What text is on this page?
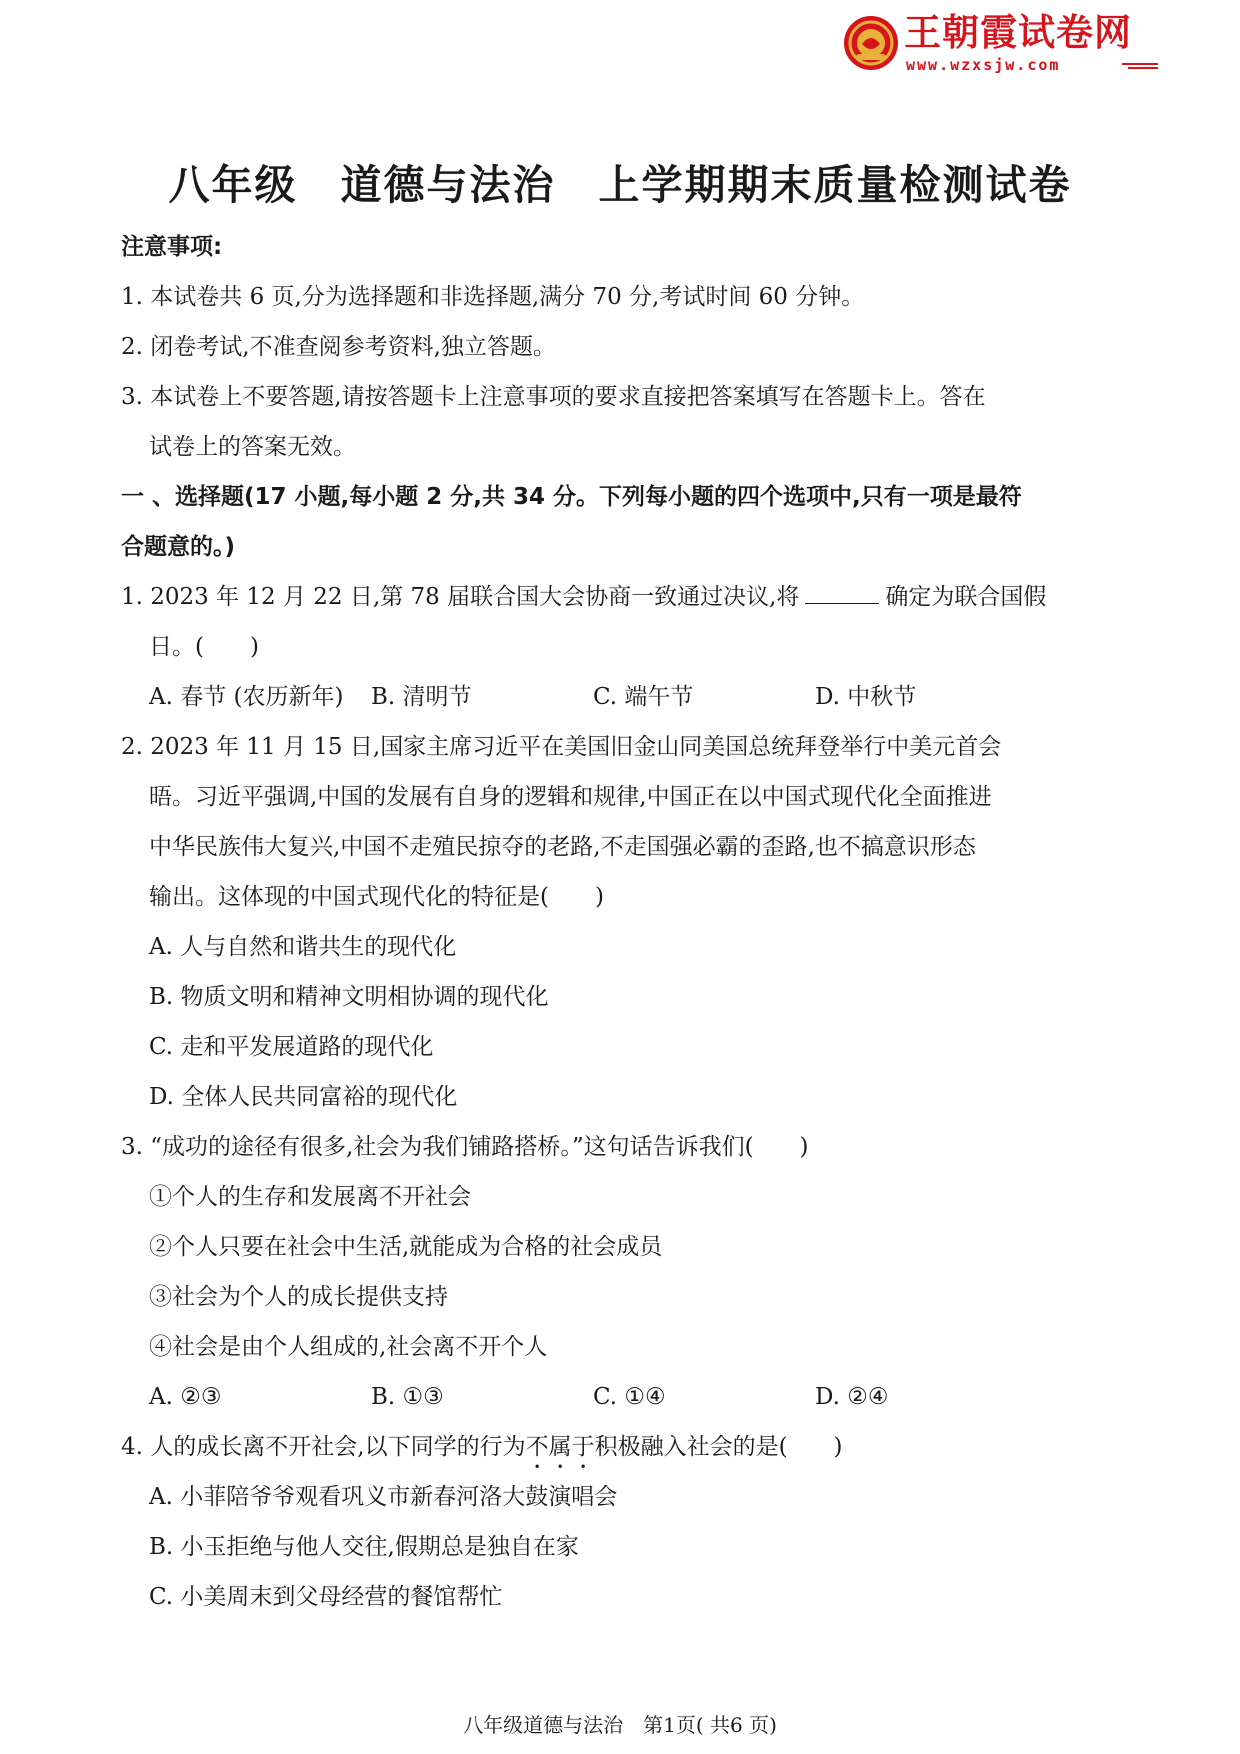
王朝霞试卷网
www.wzxsjw.com
八年级　道德与法治　上学期期末质量检测试卷
注意事项:
1. 本试卷共 6 页,分为选择题和非选择题,满分 70 分,考试时间 60 分钟。
2. 闭卷考试,不准查阅参考资料,独立答题。
3. 本试卷上不要答题,请按答题卡上注意事项的要求直接把答案填写在答题卡上。答在
试卷上的答案无效。
一 、选择题(17 小题,每小题 2 分,共 34 分。下列每小题的四个选项中,只有一项是最符
合题意的。)
1. 2023 年 12 月 22 日,第 78 届联合国大会协商一致通过决议,将	确定为联合国假
日。(　　)
A. 春节 (农历新年)	B. 清明节	C. 端午节	D. 中秋节
2. 2023 年 11 月 15 日,国家主席习近平在美国旧金山同美国总统拜登举行中美元首会
晤。习近平强调,中国的发展有自身的逻辑和规律,中国正在以中国式现代化全面推进
中华民族伟大复兴,中国不走殖民掠夺的老路,不走国强必霸的歪路,也不搞意识形态
输出。这体现的中国式现代化的特征是(　　)
A. 人与自然和谐共生的现代化
B. 物质文明和精神文明相协调的现代化
C. 走和平发展道路的现代化
D. 全体人民共同富裕的现代化
3. “成功的途径有很多,社会为我们铺路搭桥。”这句话告诉我们(　　)
①个人的生存和发展离不开社会
②个人只要在社会中生活,就能成为合格的社会成员
③社会为个人的成长提供支持
④社会是由个人组成的,社会离不开个人
A. ②③	B. ①③	C. ①④	D. ②④
4. 人的成长离不开社会,以下同学的行为不属于积极融入社会的是(　　)
A. 小菲陪爷爷观看巩义市新春河洛大鼓演唱会
B. 小玉拒绝与他人交往,假期总是独自在家
C. 小美周末到父母经营的餐馆帮忙
八年级道德与法治　第1页( 共6 页)
